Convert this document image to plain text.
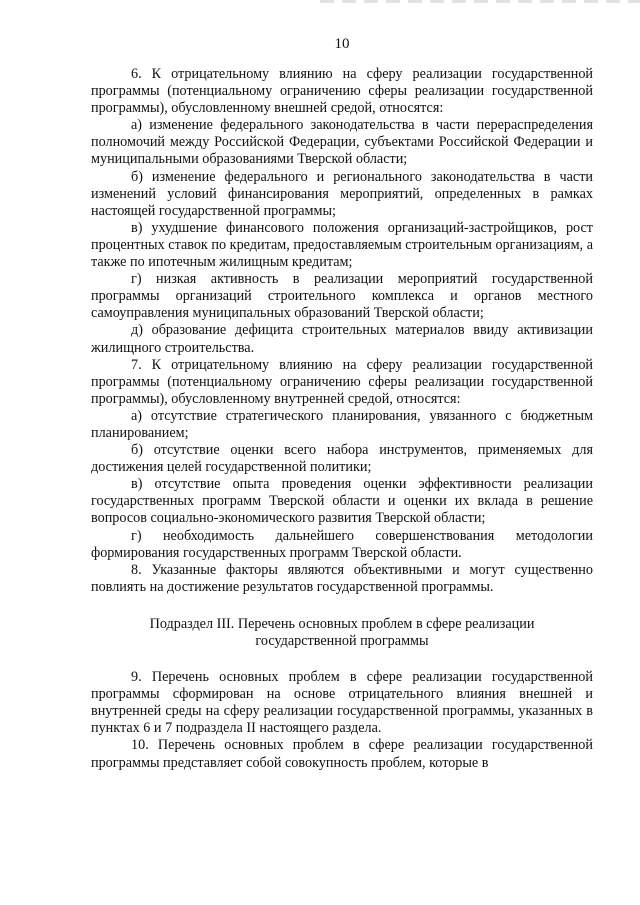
10

6. К отрицательному влиянию на сферу реализации государственной программы (потенциальному ограничению сферы реализации государственной программы), обусловленному внешней средой, относятся:

а) изменение федерального законодательства в части перераспределения полномочий между Российской Федерации, субъектами Российской Федерации и муниципальными образованиями Тверской области;

б) изменение федерального и регионального законодательства в части изменений условий финансирования мероприятий, определенных в рамках настоящей государственной программы;

в) ухудшение финансового положения организаций-застройщиков, рост процентных ставок по кредитам, предоставляемым строительным организациям, а также по ипотечным жилищным кредитам;

г) низкая активность в реализации мероприятий государственной программы организаций строительного комплекса и органов местного самоуправления муниципальных образований Тверской области;

д) образование дефицита строительных материалов ввиду активизации жилищного строительства.

7. К отрицательному влиянию на сферу реализации государственной программы (потенциальному ограничению сферы реализации государственной программы), обусловленному внутренней средой, относятся:

а) отсутствие стратегического планирования, увязанного с бюджетным планированием;

б) отсутствие оценки всего набора инструментов, применяемых для достижения целей государственной политики;

в) отсутствие опыта проведения оценки эффективности реализации государственных программ Тверской области и оценки их вклада в решение вопросов социально-экономического развития Тверской области;

г) необходимость дальнейшего совершенствования методологии формирования государственных программ Тверской области.

8. Указанные факторы являются объективными и могут существенно повлиять на достижение результатов государственной программы.

Подраздел III. Перечень основных проблем в сфере реализации
государственной программы

9. Перечень основных проблем в сфере реализации государственной программы сформирован на основе отрицательного влияния внешней и внутренней среды на сферу реализации государственной программы, указанных в пунктах 6 и 7 подраздела II настоящего раздела.

10. Перечень основных проблем в сфере реализации государственной программы представляет собой совокупность проблем, которые в
